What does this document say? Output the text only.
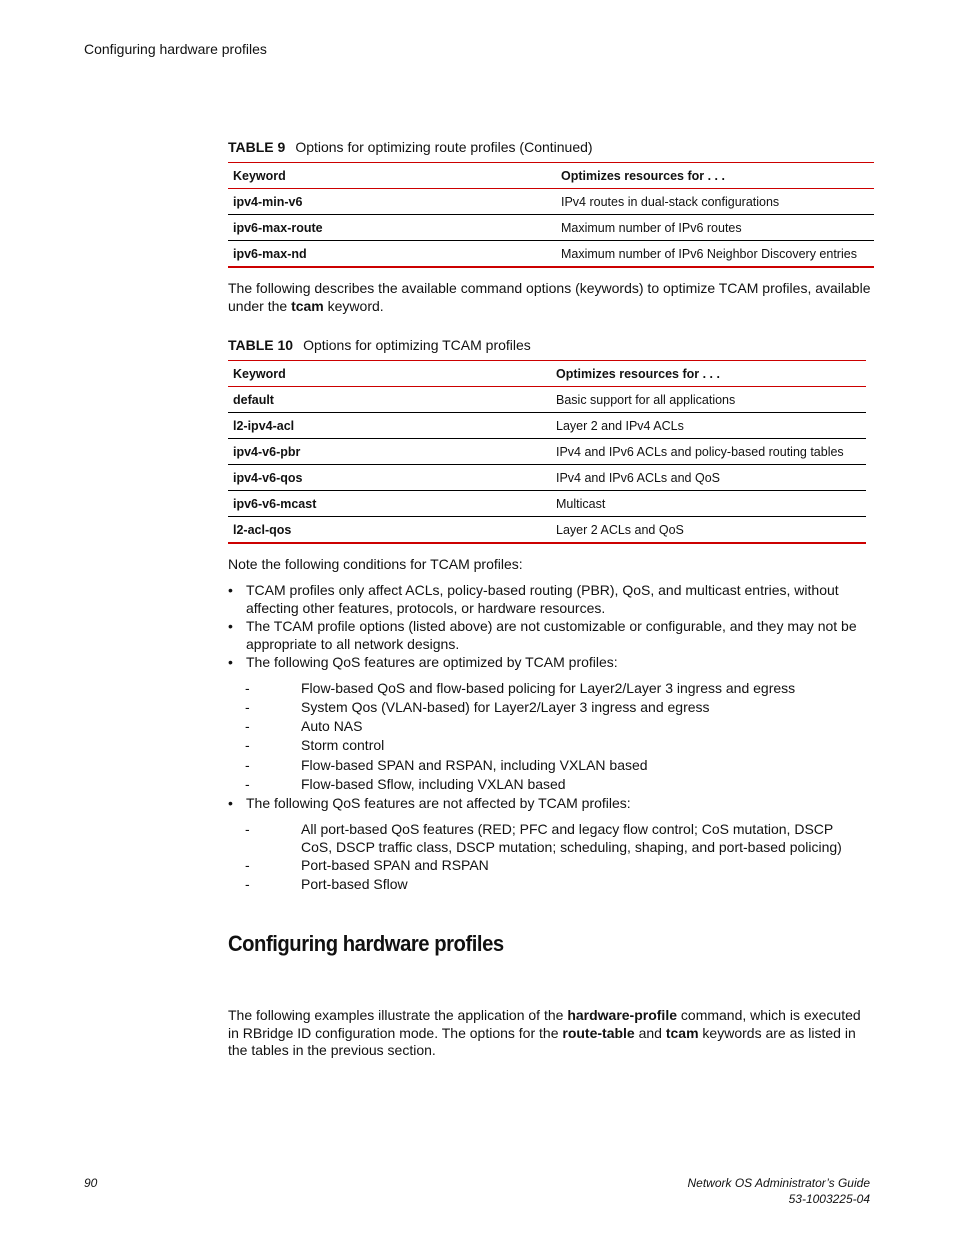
Configuring hardware profiles
TABLE 9 Options for optimizing route profiles (Continued)
Keyword	Optimizes resources for . . .
ipv4-min-v6	IPv4 routes in dual-stack configurations
ipv6-max-route	Maximum number of IPv6 routes
ipv6-max-nd	Maximum number of IPv6 Neighbor Discovery entries
The following describes the available command options (keywords) to optimize TCAM profiles, available under the tcam keyword.
TABLE 10 Options for optimizing TCAM profiles
Keyword	Optimizes resources for . . .
default	Basic support for all applications
l2-ipv4-acl	Layer 2 and IPv4 ACLs
ipv4-v6-pbr	IPv4 and IPv6 ACLs and policy-based routing tables
ipv4-v6-qos	IPv4 and IPv6 ACLs and QoS
ipv6-v6-mcast	Multicast
l2-acl-qos	Layer 2 ACLs and QoS
Note the following conditions for TCAM profiles:
• TCAM profiles only affect ACLs, policy-based routing (PBR), QoS, and multicast entries, without affecting other features, protocols, or hardware resources.
• The TCAM profile options (listed above) are not customizable or configurable, and they may not be appropriate to all network designs.
• The following QoS features are optimized by TCAM profiles:
-	Flow-based QoS and flow-based policing for Layer2/Layer 3 ingress and egress
-	System Qos (VLAN-based) for Layer2/Layer 3 ingress and egress
-	Auto NAS
-	Storm control
-	Flow-based SPAN and RSPAN, including VXLAN based
-	Flow-based Sflow, including VXLAN based
• The following QoS features are not affected by TCAM profiles:
-	All port-based QoS features (RED; PFC and legacy flow control; CoS mutation, DSCP CoS, DSCP traffic class, DSCP mutation; scheduling, shaping, and port-based policing)
-	Port-based SPAN and RSPAN
-	Port-based Sflow
Configuring hardware profiles
The following examples illustrate the application of the hardware-profile command, which is executed in RBridge ID configuration mode. The options for the route-table and tcam keywords are as listed in the tables in the previous section.
90	Network OS Administrator’s Guide
53-1003225-04
